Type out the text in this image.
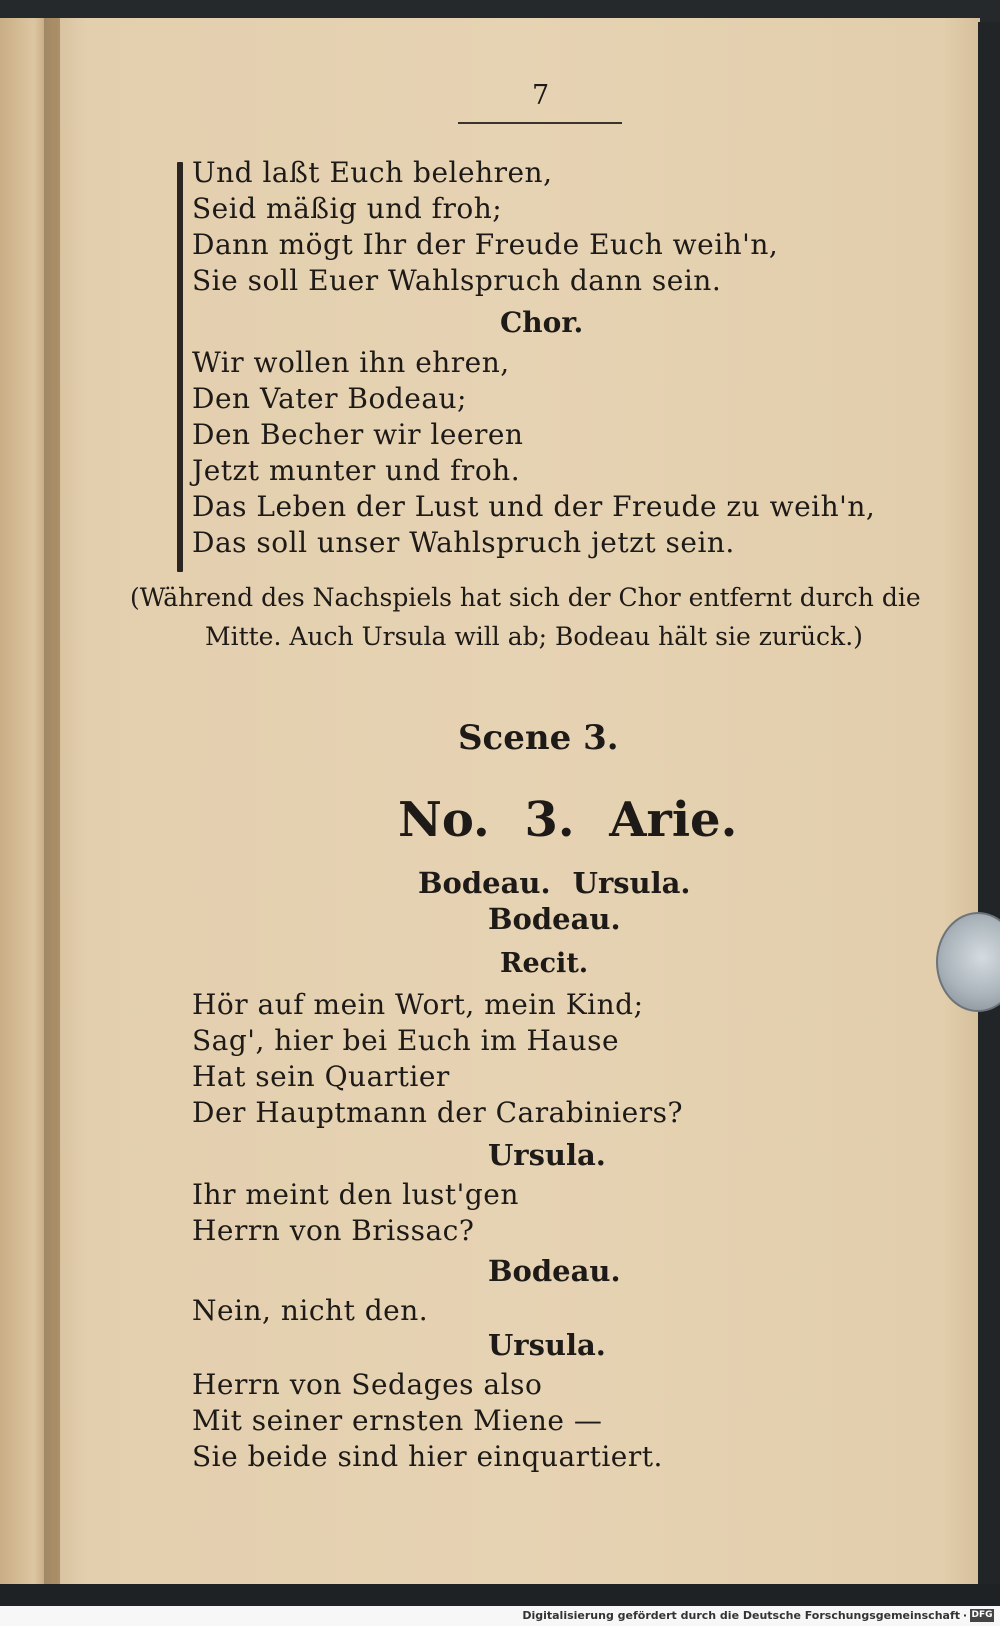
7

Und laßt Euch belehren,

Seid mäßig und froh;

Dann mögt Ihr der Freude Euch weih'n,

Sie soll Euer Wahlspruch dann sein.

Chor.

Wir wollen ihn ehren,

Den Vater Bodeau;

Den Becher wir leeren

Jetzt munter und froh.

Das Leben der Lust und der Freude zu weih'n,

Das soll unser Wahlspruch jetzt sein.

(Während des Nachspiels hat sich der Chor entfernt durch die

Mitte. Auch Ursula will ab; Bodeau hält sie zurück.)

Scene 3.

No. 3. Arie.

Bodeau. Ursula.

Bodeau.

Recit.

Hör auf mein Wort, mein Kind;

Sag', hier bei Euch im Hause

Hat sein Quartier

Der Hauptmann der Carabiniers?

Ursula.

Ihr meint den lust'gen

Herrn von Brissac?

Bodeau.

Nein, nicht den.

Ursula.

Herrn von Sedages also

Mit seiner ernsten Miene —

Sie beide sind hier einquartiert.

Digitalisierung gefördert durch die Deutsche Forschungsgemeinschaft · DFG
